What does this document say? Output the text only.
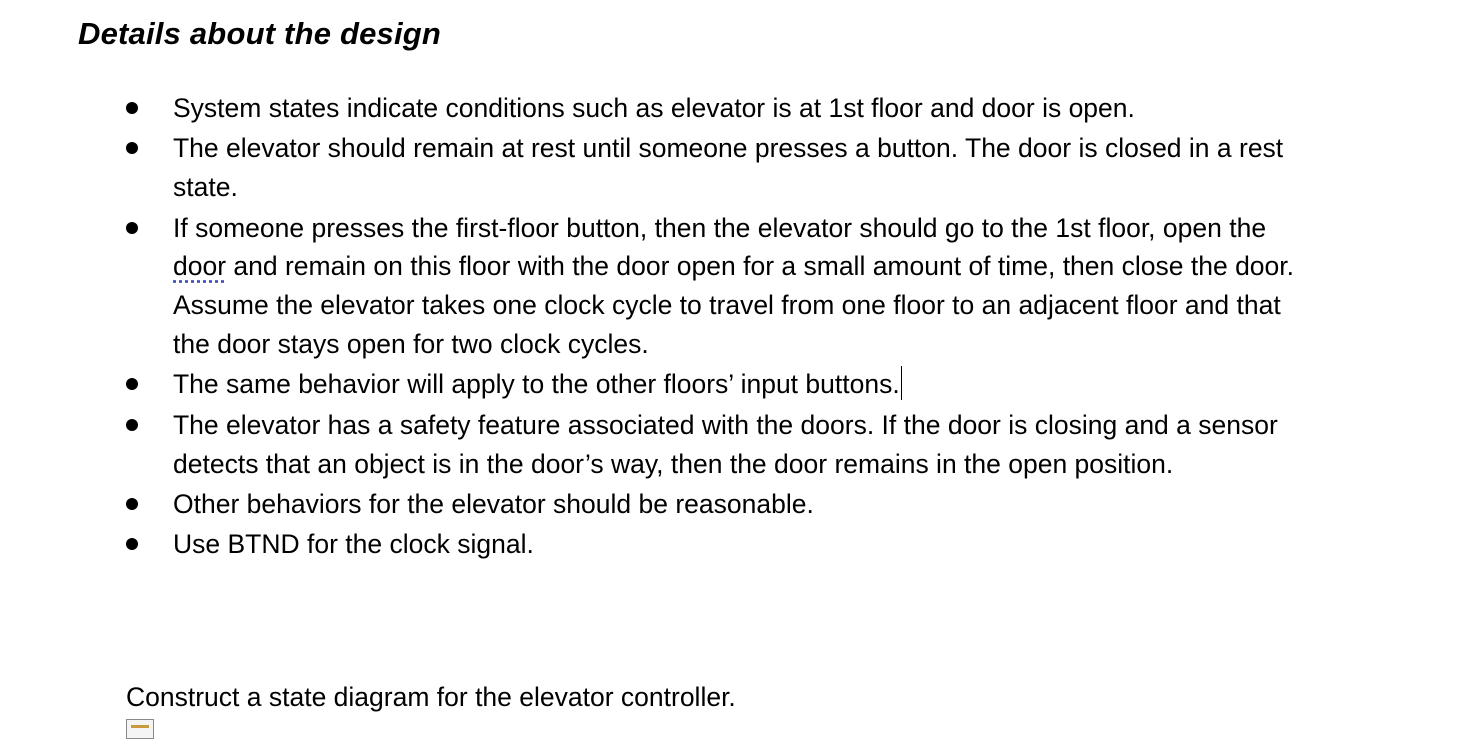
Details about the design
System states indicate conditions such as elevator is at 1st floor and door is open.
The elevator should remain at rest until someone presses a button. The door is closed in a rest state.
If someone presses the first-floor button, then the elevator should go to the 1st floor, open the door and remain on this floor with the door open for a small amount of time, then close the door. Assume the elevator takes one clock cycle to travel from one floor to an adjacent floor and that the door stays open for two clock cycles.
The same behavior will apply to the other floors’ input buttons.
The elevator has a safety feature associated with the doors. If the door is closing and a sensor detects that an object is in the door’s way, then the door remains in the open position.
Other behaviors for the elevator should be reasonable.
Use BTND for the clock signal.

Construct a state diagram for the elevator controller.
